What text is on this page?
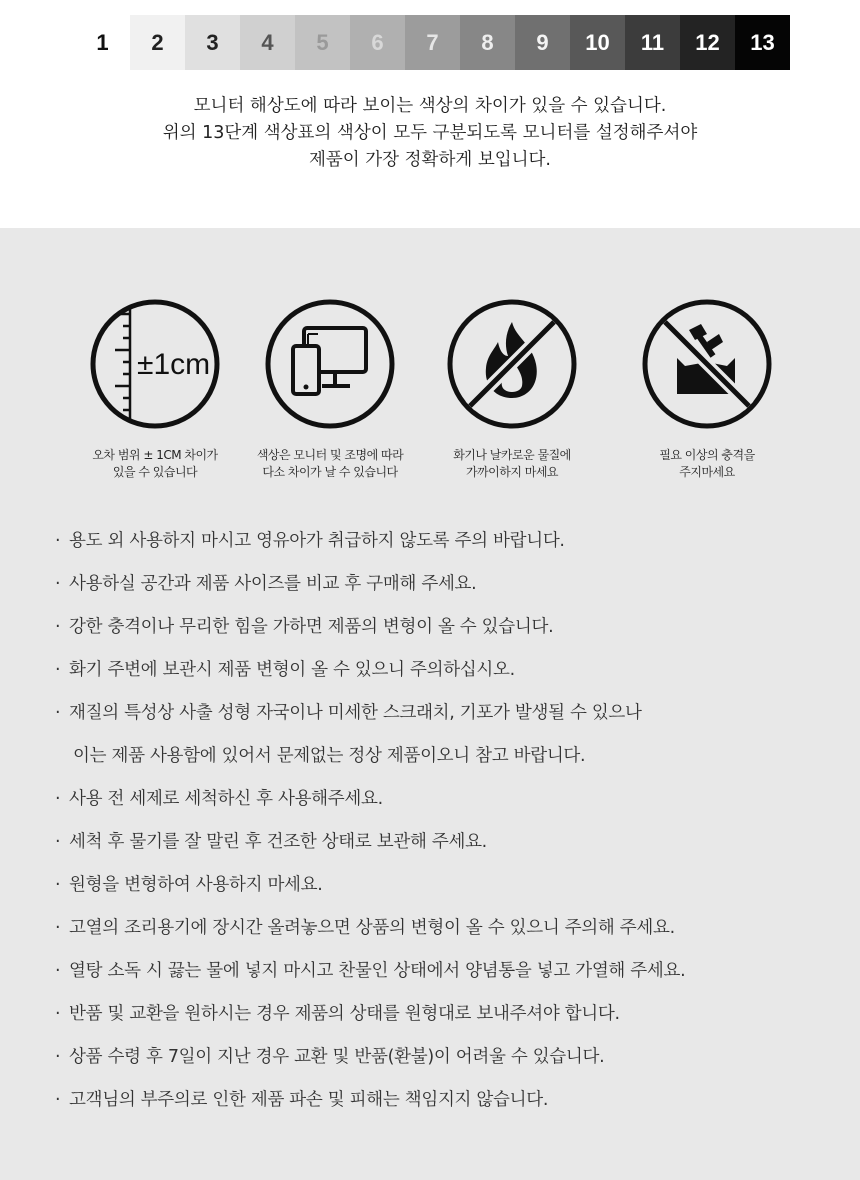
1	2	3	4	5	6	7	8	9	10	11	12	13
모니터 해상도에 따라 보이는 색상의 차이가 있을 수 있습니다.
위의 13단계 색상표의 색상이 모두 구분되도록 모니터를 설정해주셔야
제품이 가장 정확하게 보입니다.
±1cm
오차 범위 ± 1CM 차이가
있을 수 있습니다
색상은 모니터 및 조명에 따라
다소 차이가 날 수 있습니다
화기나 날카로운 물질에
가까이하지 마세요
필요 이상의 충격을
주지마세요
· 용도 외 사용하지 마시고 영유아가 취급하지 않도록 주의 바랍니다.
· 사용하실 공간과 제품 사이즈를 비교 후 구매해 주세요.
· 강한 충격이나 무리한 힘을 가하면 제품의 변형이 올 수 있습니다.
· 화기 주변에 보관시 제품 변형이 올 수 있으니 주의하십시오.
· 재질의 특성상 사출 성형 자국이나 미세한 스크래치, 기포가 발생될 수 있으나
이는 제품 사용함에 있어서 문제없는 정상 제품이오니 참고 바랍니다.
· 사용 전 세제로 세척하신 후 사용해주세요.
· 세척 후 물기를 잘 말린 후 건조한 상태로 보관해 주세요.
· 원형을 변형하여 사용하지 마세요.
· 고열의 조리용기에 장시간 올려놓으면 상품의 변형이 올 수 있으니 주의해 주세요.
· 열탕 소독 시 끓는 물에 넣지 마시고 찬물인 상태에서 양념통을 넣고 가열해 주세요.
· 반품 및 교환을 원하시는 경우 제품의 상태를 원형대로 보내주셔야 합니다.
· 상품 수령 후 7일이 지난 경우 교환 및 반품(환불)이 어려울 수 있습니다.
· 고객님의 부주의로 인한 제품 파손 및 피해는 책임지지 않습니다.
